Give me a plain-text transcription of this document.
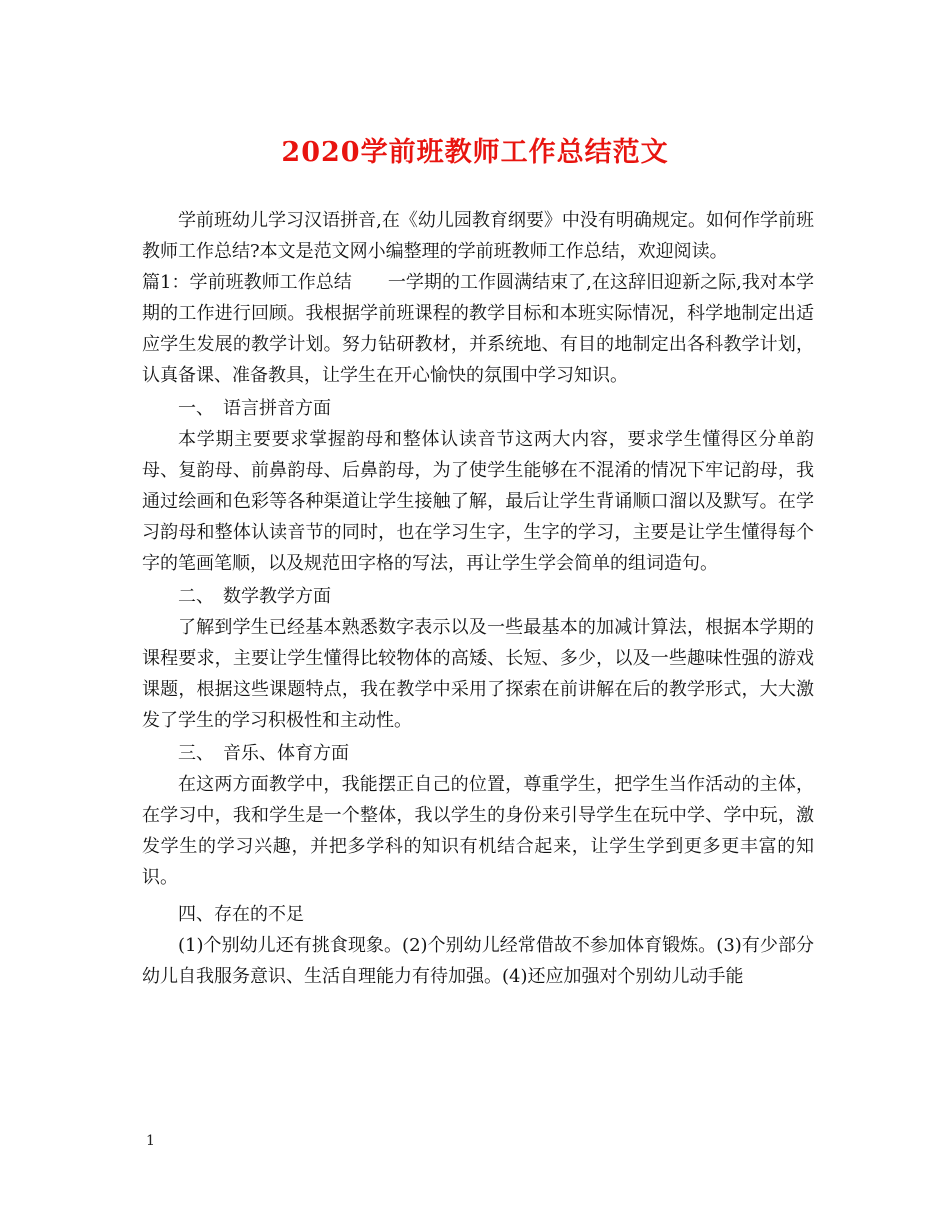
2020学前班教师工作总结范文

学前班幼儿学习汉语拼音,在《幼儿园教育纲要》中没有明确规定。如何作学前班教师工作总结?本文是范文网小编整理的学前班教师工作总结，欢迎阅读。

篇1：学前班教师工作总结　　一学期的工作圆满结束了,在这辞旧迎新之际,我对本学期的工作进行回顾。我根据学前班课程的教学目标和本班实际情况，科学地制定出适应学生发展的教学计划。努力钻研教材，并系统地、有目的地制定出各科教学计划，认真备课、准备教具，让学生在开心愉快的氛围中学习知识。

一、　语言拼音方面

本学期主要要求掌握韵母和整体认读音节这两大内容，要求学生懂得区分单韵母、复韵母、前鼻韵母、后鼻韵母，为了使学生能够在不混淆的情况下牢记韵母，我通过绘画和色彩等各种渠道让学生接触了解，最后让学生背诵顺口溜以及默写。在学习韵母和整体认读音节的同时，也在学习生字，生字的学习，主要是让学生懂得每个字的笔画笔顺，以及规范田字格的写法，再让学生学会简单的组词造句。

二、　数学教学方面

了解到学生已经基本熟悉数字表示以及一些最基本的加减计算法，根据本学期的课程要求，主要让学生懂得比较物体的高矮、长短、多少，以及一些趣味性强的游戏课题，根据这些课题特点，我在教学中采用了探索在前讲解在后的教学形式，大大激发了学生的学习积极性和主动性。

三、　音乐、体育方面

在这两方面教学中，我能摆正自己的位置，尊重学生，把学生当作活动的主体，在学习中，我和学生是一个整体，我以学生的身份来引导学生在玩中学、学中玩，激发学生的学习兴趣，并把多学科的知识有机结合起来，让学生学到更多更丰富的知识。

四、存在的不足

(1)个别幼儿还有挑食现象。(2)个别幼儿经常借故不参加体育锻炼。(3)有少部分幼儿自我服务意识、生活自理能力有待加强。(4)还应加强对个别幼儿动手能

1
